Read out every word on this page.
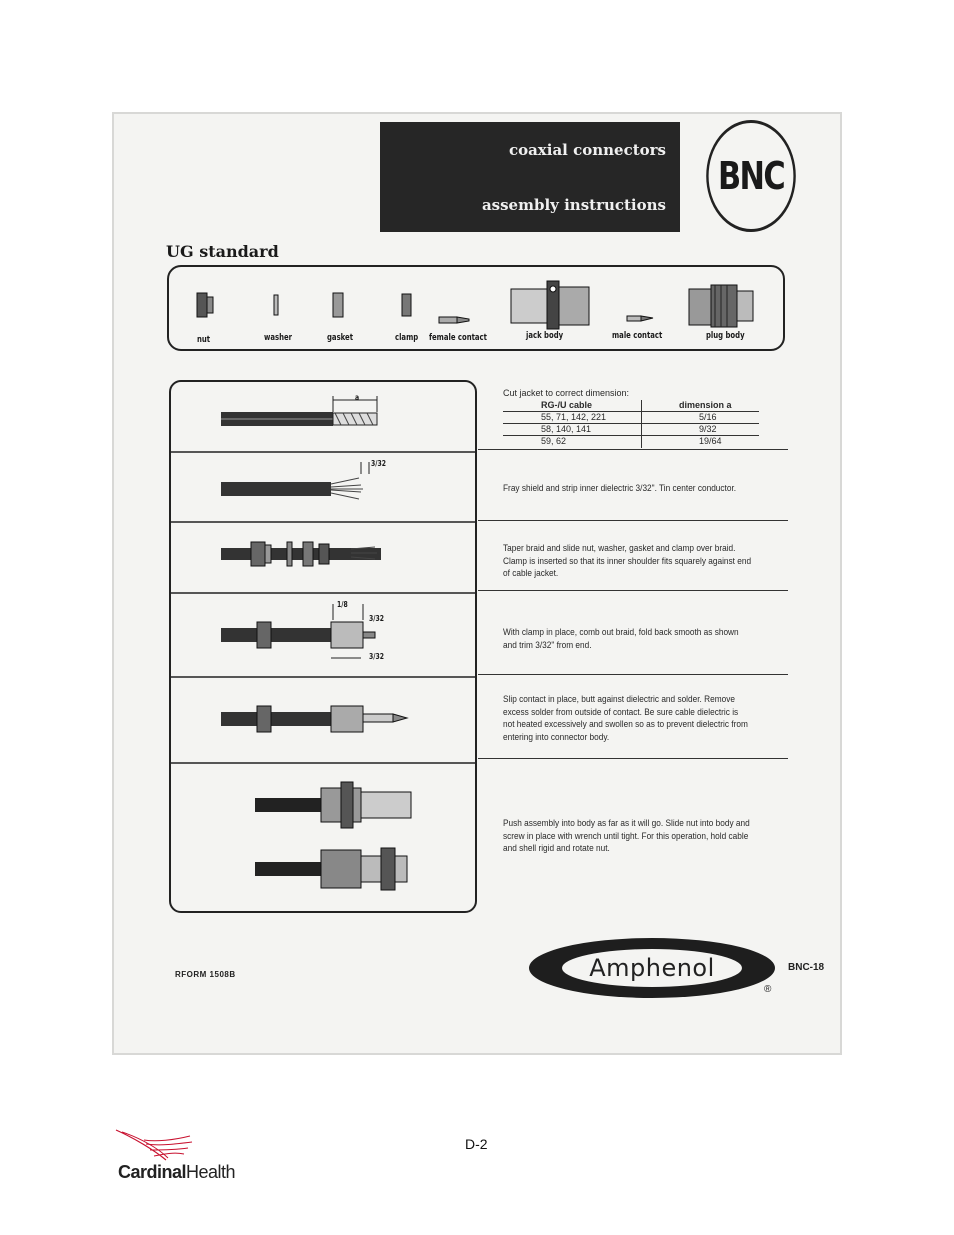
coaxial connectors
assembly instructions
BNC
UG standard
nut	washer	gasket	clamp female contact	jack body	male contact	plug body
a
3/32
1/8
3/32
3/32
Cut jacket to correct dimension:
RG-/U cable	dimension a
55, 71, 142, 221	5/16
58, 140, 141	9/32
59, 62	19/64
Fray shield and strip inner dielectric 3/32". Tin center conductor.
Taper braid and slide nut, washer, gasket and clamp over braid. Clamp is inserted so that its inner shoulder fits squarely against end of cable jacket.
With clamp in place, comb out braid, fold back smooth as shown and trim 3/32" from end.
Slip contact in place, butt against dielectric and solder. Remove excess solder from outside of contact. Be sure cable dielectric is not heated excessively and swollen so as to prevent dielectric from entering into connector body.
Push assembly into body as far as it will go. Slide nut into body and screw in place with wrench until tight. For this operation, hold cable and shell rigid and rotate nut.
RFORM 1508B	Amphenol	BNC-18
®
D-2
CardinalHealth
